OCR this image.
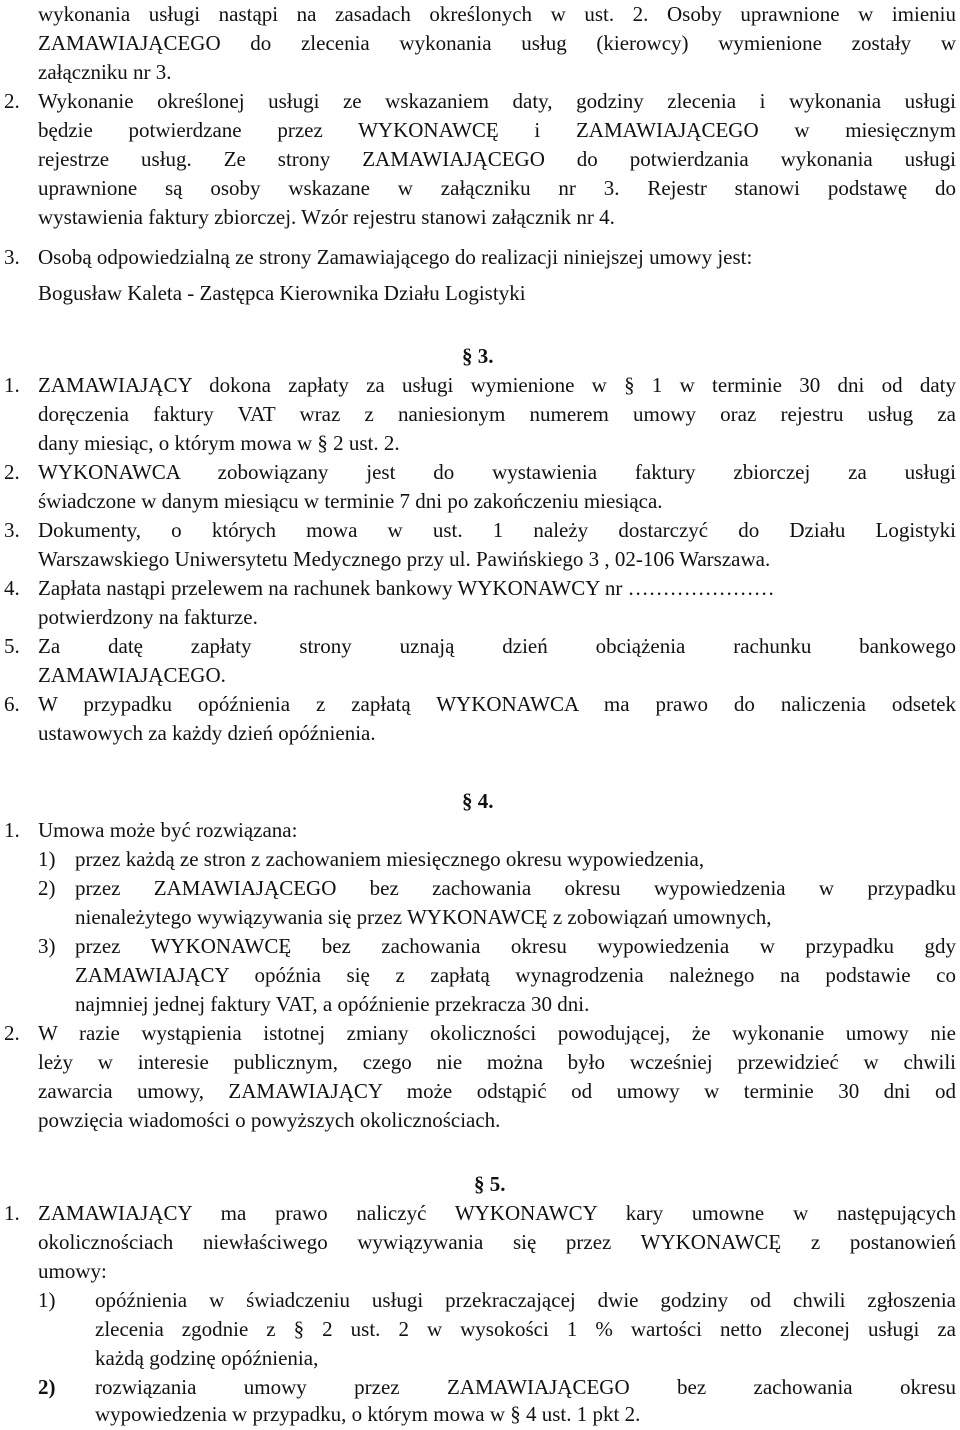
wykonania usługi nastąpi na zasadach określonych w ust. 2. Osoby uprawnione w imieniu
ZAMAWIAJĄCEGO do zlecenia wykonania usług (kierowcy) wymienione zostały w
załączniku nr 3.
2. Wykonanie określonej usługi ze wskazaniem daty, godziny zlecenia i wykonania usługi
będzie potwierdzane przez WYKONAWCĘ i ZAMAWIAJĄCEGO w miesięcznym
rejestrze usług. Ze strony ZAMAWIAJĄCEGO do potwierdzania wykonania usługi
uprawnione są osoby wskazane w załączniku nr 3. Rejestr stanowi podstawę do
wystawienia faktury zbiorczej. Wzór rejestru stanowi załącznik nr 4.
3. Osobą odpowiedzialną ze strony Zamawiającego do realizacji niniejszej umowy jest:
Bogusław Kaleta - Zastępca Kierownika Działu Logistyki
§ 3.
1. ZAMAWIAJĄCY dokona zapłaty za usługi wymienione w § 1 w terminie 30 dni od daty
doręczenia faktury VAT wraz z naniesionym numerem umowy oraz rejestru usług za
dany miesiąc, o którym mowa w § 2 ust. 2.
2. WYKONAWCA zobowiązany jest do wystawienia faktury zbiorczej za usługi
świadczone w danym miesiącu w terminie 7 dni po zakończeniu miesiąca.
3. Dokumenty, o których mowa w ust. 1 należy dostarczyć do Działu Logistyki
Warszawskiego Uniwersytetu Medycznego przy ul. Pawińskiego 3 , 02-106 Warszawa.
4. Zapłata nastąpi przelewem na rachunek bankowy WYKONAWCY nr …………………
potwierdzony na fakturze.
5. Za datę zapłaty strony uznają dzień obciążenia rachunku bankowego
ZAMAWIAJĄCEGO.
6. W przypadku opóźnienia z zapłatą WYKONAWCA ma prawo do naliczenia odsetek
ustawowych za każdy dzień opóźnienia.
§ 4.
1. Umowa może być rozwiązana:
1) przez każdą ze stron z zachowaniem miesięcznego okresu wypowiedzenia,
2) przez ZAMAWIAJĄCEGO bez zachowania okresu wypowiedzenia w przypadku
nienależytego wywiązywania się przez WYKONAWCĘ z zobowiązań umownych,
3) przez WYKONAWCĘ bez zachowania okresu wypowiedzenia w przypadku gdy
ZAMAWIAJĄCY opóźnia się z zapłatą wynagrodzenia należnego na podstawie co
najmniej jednej faktury VAT, a opóźnienie przekracza 30 dni.
2. W razie wystąpienia istotnej zmiany okoliczności powodującej, że wykonanie umowy nie
leży w interesie publicznym, czego nie można było wcześniej przewidzieć w chwili
zawarcia umowy, ZAMAWIAJĄCY może odstąpić od umowy w terminie 30 dni od
powzięcia wiadomości o powyższych okolicznościach.
§ 5.
1. ZAMAWIAJĄCY ma prawo naliczyć WYKONAWCY kary umowne w następujących
okolicznościach niewłaściwego wywiązywania się przez WYKONAWCĘ z postanowień
umowy:
1) opóźnienia w świadczeniu usługi przekraczającej dwie godziny od chwili zgłoszenia
zlecenia zgodnie z § 2 ust. 2 w wysokości 1 % wartości netto zleconej usługi za
każdą godzinę opóźnienia,
2) rozwiązania umowy przez ZAMAWIAJĄCEGO bez zachowania okresu
wypowiedzenia w przypadku, o którym mowa w § 4 ust. 1 pkt 2.
